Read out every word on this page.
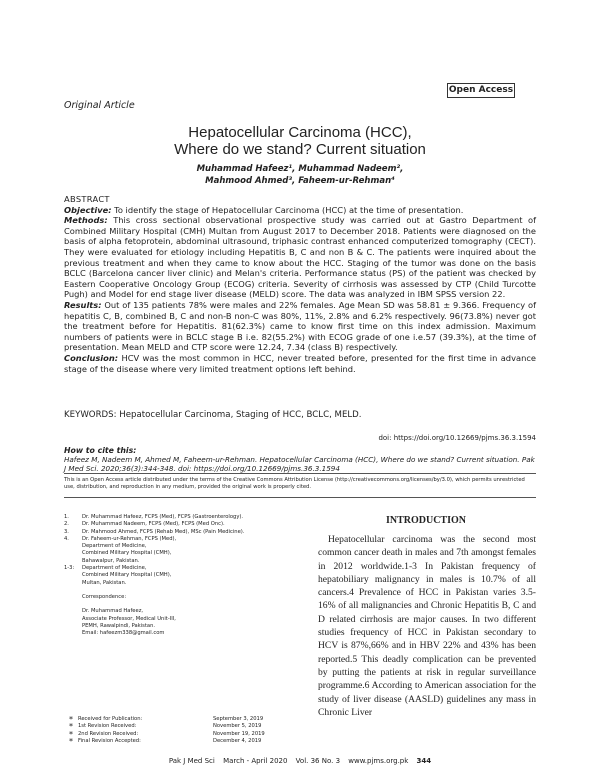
Open Access
Original Article
Hepatocellular Carcinoma (HCC),
Where do we stand? Current situation
Muhammad Hafeez¹, Muhammad Nadeem²,
Mahmood Ahmed³, Faheem-ur-Rehman⁴
ABSTRACT

Objective: To identify the stage of Hepatocellular Carcinoma (HCC) at the time of presentation.

Methods: This cross sectional observational prospective study was carried out at Gastro Department of Combined Military Hospital (CMH) Multan from August 2017 to December 2018. Patients were diagnosed on the basis of alpha fetoprotein, abdominal ultrasound, triphasic contrast enhanced computerized tomography (CECT). They were evaluated for etiology including Hepatitis B, C and non B & C. The patients were inquired about the previous treatment and when they came to know about the HCC. Staging of the tumor was done on the basis BCLC (Barcelona cancer liver clinic) and Melan's criteria. Performance status (PS) of the patient was checked by Eastern Cooperative Oncology Group (ECOG) criteria. Severity of cirrhosis was assessed by CTP (Child Turcotte Pugh) and Model for end stage liver disease (MELD) score. The data was analyzed in IBM SPSS version 22.

Results: Out of 135 patients 78% were males and 22% females. Age Mean SD was 58.81 ± 9.366. Frequency of hepatitis C, B, combined B, C and non-B non-C was 80%, 11%, 2.8% and 6.2% respectively. 96(73.8%) never got the treatment before for Hepatitis. 81(62.3%) came to know first time on this index admission. Maximum numbers of patients were in BCLC stage B i.e. 82(55.2%) with ECOG grade of one i.e.57 (39.3%), at the time of presentation. Mean MELD and CTP score were 12.24, 7.34 (class B) respectively.

Conclusion: HCV was the most common in HCC, never treated before, presented for the first time in advance stage of the disease where very limited treatment options left behind.

KEYWORDS: Hepatocellular Carcinoma, Staging of HCC, BCLC, MELD.
doi: https://doi.org/10.12669/pjms.36.3.1594
How to cite this:
Hafeez M, Nadeem M, Ahmed M, Faheem-ur-Rehman. Hepatocellular Carcinoma (HCC), Where do we stand? Current situation. Pak J Med Sci. 2020;36(3):344-348. doi: https://doi.org/10.12669/pjms.36.3.1594
This is an Open Access article distributed under the terms of the Creative Commons Attribution License (http://creativecommons.org/licenses/by/3.0), which permits unrestricted use, distribution, and reproduction in any medium, provided the original work is properly cited.
1.	Dr. Muhammad Hafeez, FCPS (Med), FCPS (Gastroenterology).
2.	Dr. Muhammad Nadeem, FCPS (Med), FCPS (Med Onc).
3.	Dr. Mahmood Ahmed, FCPS (Rehab Med), MSc (Pain Medicine).
4.	Dr. Faheem-ur-Rehman, FCPS (Med),
Department of Medicine,
Combined Military Hospital (CMH),
Bahawalpur, Pakistan.
1-3:	Department of Medicine,
Combined Military Hospital (CMH),
Multan, Pakistan.
Correspondence:
Dr. Muhammad Hafeez,
Associate Professor, Medical Unit-III,
PEMH, Rawalpindi, Pakistan.
Email: hafeezm338@gmail.com
* Received for Publication:	September 3, 2019
* 1st Revision Received:	November 5, 2019
* 2nd Revision Received:	November 19, 2019
* Final Revision Accepted:	December 4, 2019
INTRODUCTION
Hepatocellular carcinoma was the second most common cancer death in males and 7th amongst females in 2012 worldwide.1-3 In Pakistan frequency of hepatobiliary malignancy in males is 10.7% of all cancers.4 Prevalence of HCC in Pakistan varies 3.5-16% of all malignancies and Chronic Hepatitis B, C and D related cirrhosis are major causes. In two different studies frequency of HCC in Pakistan secondary to HCV is 87%,66% and in HBV 22% and 43% has been reported.5 This deadly complication can be prevented by putting the patients at risk in regular surveillance programme.6 According to American association for the study of liver disease (AASLD) guidelines any mass in Chronic Liver
Pak J Med Sci March - April 2020 Vol. 36 No. 3 www.pjms.org.pk 344
